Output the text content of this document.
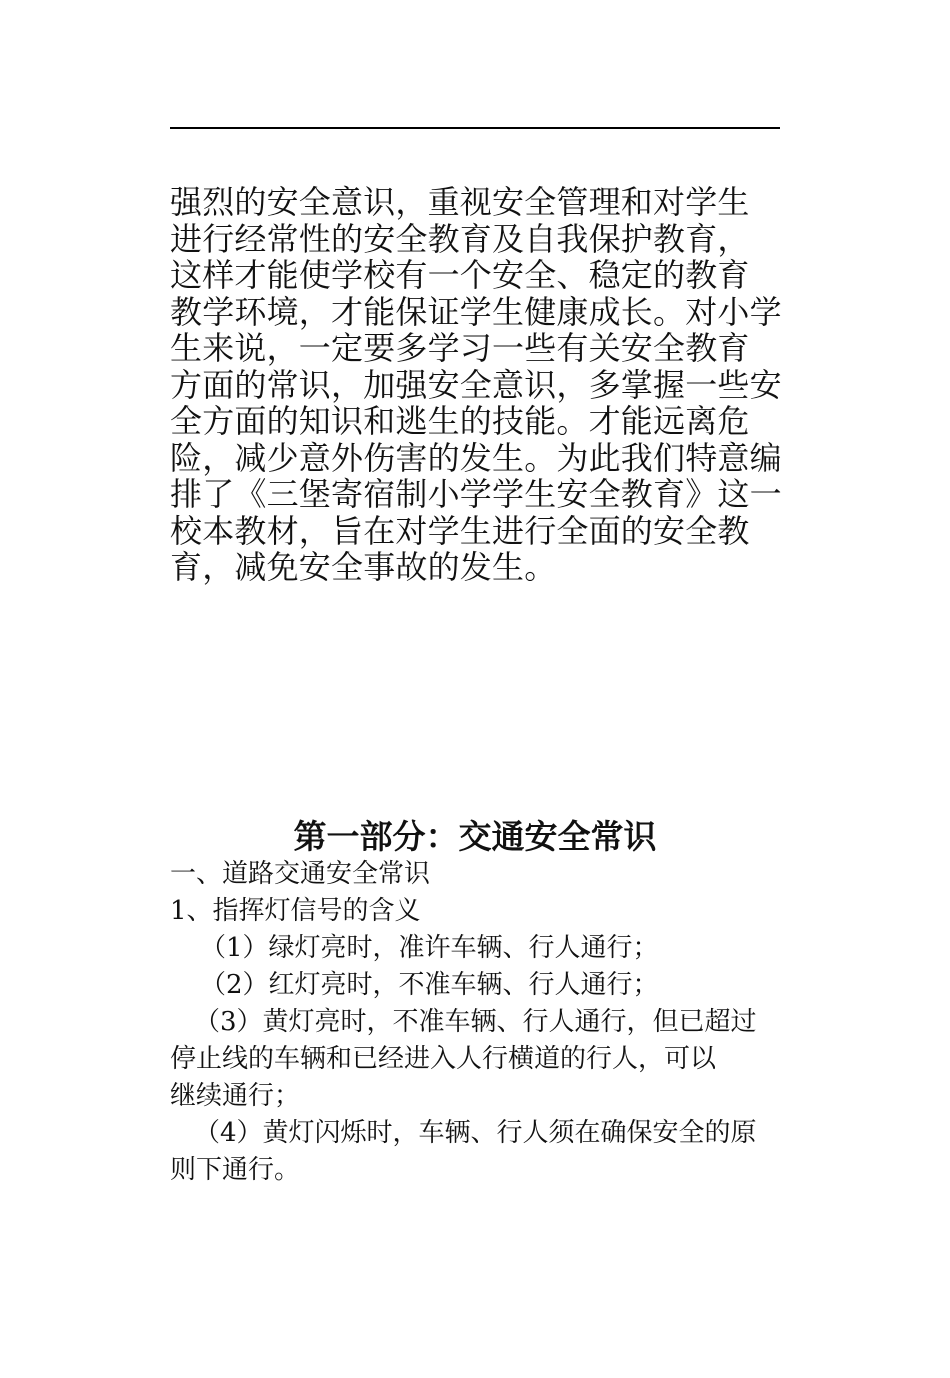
强烈的安全意识，重视安全管理和对学生
进行经常性的安全教育及自我保护教育，
这样才能使学校有一个安全、稳定的教育
教学环境，才能保证学生健康成长。对小学
生来说，一定要多学习一些有关安全教育
方面的常识，加强安全意识，多掌握一些安
全方面的知识和逃生的技能。才能远离危
险，减少意外伤害的发生。为此我们特意编
排了《三堡寄宿制小学学生安全教育》这一
校本教材，旨在对学生进行全面的安全教
育，减免安全事故的发生。
第一部分：交通安全常识
一、道路交通安全常识
1、指挥灯信号的含义
（1）绿灯亮时，准许车辆、行人通行；
（2）红灯亮时，不准车辆、行人通行；
（3）黄灯亮时，不准车辆、行人通行，但已超过
停止线的车辆和已经进入人行横道的行人，可以
继续通行；
（4）黄灯闪烁时，车辆、行人须在确保安全的原
则下通行。
